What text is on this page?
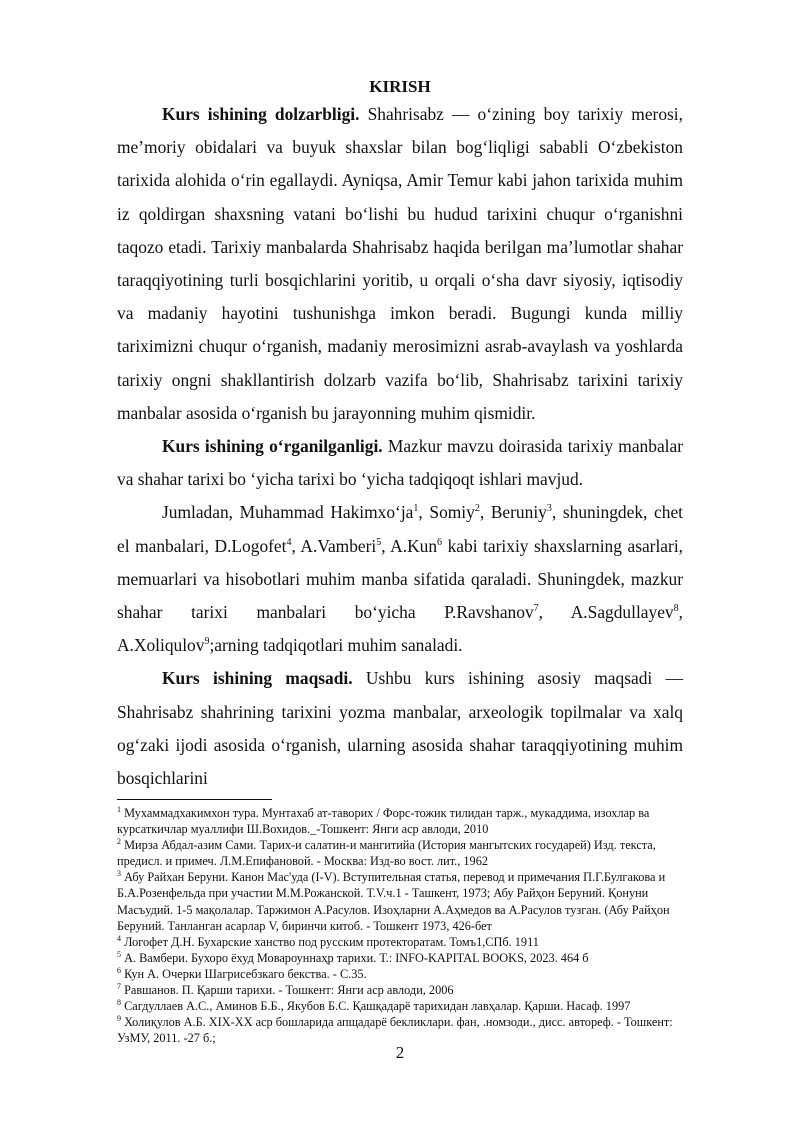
KIRISH

Kurs ishining dolzarbligi. Shahrisabz — o‘zining boy tarixiy merosi, me’moriy obidalari va buyuk shaxslar bilan bog‘liqligi sababli O‘zbekiston tarixida alohida o‘rin egallaydi. Ayniqsa, Amir Temur kabi jahon tarixida muhim iz qoldirgan shaxsning vatani bo‘lishi bu hudud tarixini chuqur o‘rganishni taqozo etadi. Tarixiy manbalarda Shahrisabz haqida berilgan ma’lumotlar shahar taraqqiyotining turli bosqichlarini yoritib, u orqali o‘sha davr siyosiy, iqtisodiy va madaniy hayotini tushunishga imkon beradi. Bugungi kunda milliy tariximizni chuqur o‘rganish, madaniy merosimizni asrab-avaylash va yoshlarda tarixiy ongni shakllantirish dolzarb vazifa bo‘lib, Shahrisabz tarixini tarixiy manbalar asosida o‘rganish bu jarayonning muhim qismidir.

Kurs ishining o‘rganilganligi. Mazkur mavzu doirasida tarixiy manbalar va shahar tarixi bo ‘yicha tarixi bo ‘yicha tadqiqoqt ishlari mavjud.

Jumladan, Muhammad $Hakimxo‘ja^1$, Somiy$^2$, Beruniy$^3$, shuningdek, chet el manbalari, D.Logofet$^4$, A.Vamberi$^5$, A.Kun$^6$ kabi tarixiy shaxslarning asarlari, memuarlari va hisobotlari muhim manba sifatida qaraladi. Shuningdek, mazkur shahar tarixi manbalari bo‘yicha P.Ravshanov$^7$, A.Sagdullayev$^8$, A.Xoliqulov$^9$;arning tadqiqotlari muhim sanaladi.

Kurs ishining maqsadi. Ushbu kurs ishining asosiy maqsadi — Shahrisabz shahrining tarixini yozma manbalar, arxeologik topilmalar va xalq og‘zaki ijodi asosida o‘rganish, ularning asosida shahar taraqqiyotining muhim bosqichlarini

$^1$ Мухаммадхакимхон тура. Мунтахаб ат-таворих / Форс-тожик тилидан тарж., мукаддима, изохлар ва курсаткичлар муаллифи Ш.Вохидов._-Тошкент: Янги аср авлоди, 2010

$^2$ Мирза Абдал-азим Сами. Тарих-и салатин-и мангитийа (История мангытских государей) Изд. текста, предисл. и примеч. Л.М.Епифановой. - Москва: Изд-во вост. лит., 1962

$^3$ Абу Райхан Беруни. Канон Мас'уда (I-V). Вступительная статья, перевод и примечания П.Г.Булгакова и Б.А.Розенфельда при участии М.М.Рожанской. Т.V.ч.1 - Ташкент, 1973; Абу Райҳон Беруний. Қонуни Масъудий. 1-5 мақолалар. Таржимон А.Расулов. Изоҳларни А.Аҳмедов ва А.Расулов тузган. (Абу Райҳон Беруний. Танланган асарлар V, биринчи китоб. - Тошкент 1973, 426-бет

$^4$ Логофет Д.Н. Бухарские ханство под русским протекторатам. Томъ1,СПб. 1911

$^5$ А. Вамбери. Бухоро ёхуд Мовароуннаҳр тарихи. Т.: INFO-KAPITAL BOOKS, 2023. 464 б

$^6$ Кун А. Очерки Шагрисебзкаго бекства. - С.35.

$^7$ Равшанов. П. Қарши тарихи. - Тошкент: Янги аср авлоди, 2006

$^8$ Сагдуллаев А.С., Аминов Б.Б., Якубов Б.С. Қашқадарё тарихидан лавҳалар. Қарши. Насаф. 1997

$^9$ Холиқулов А.Б. XIX-XX аср бошларида апщадарё бекликлари. фан, .номзоди., дисс. автореф. - Тошкент: УзМУ, 2011. -27 б.;

2
